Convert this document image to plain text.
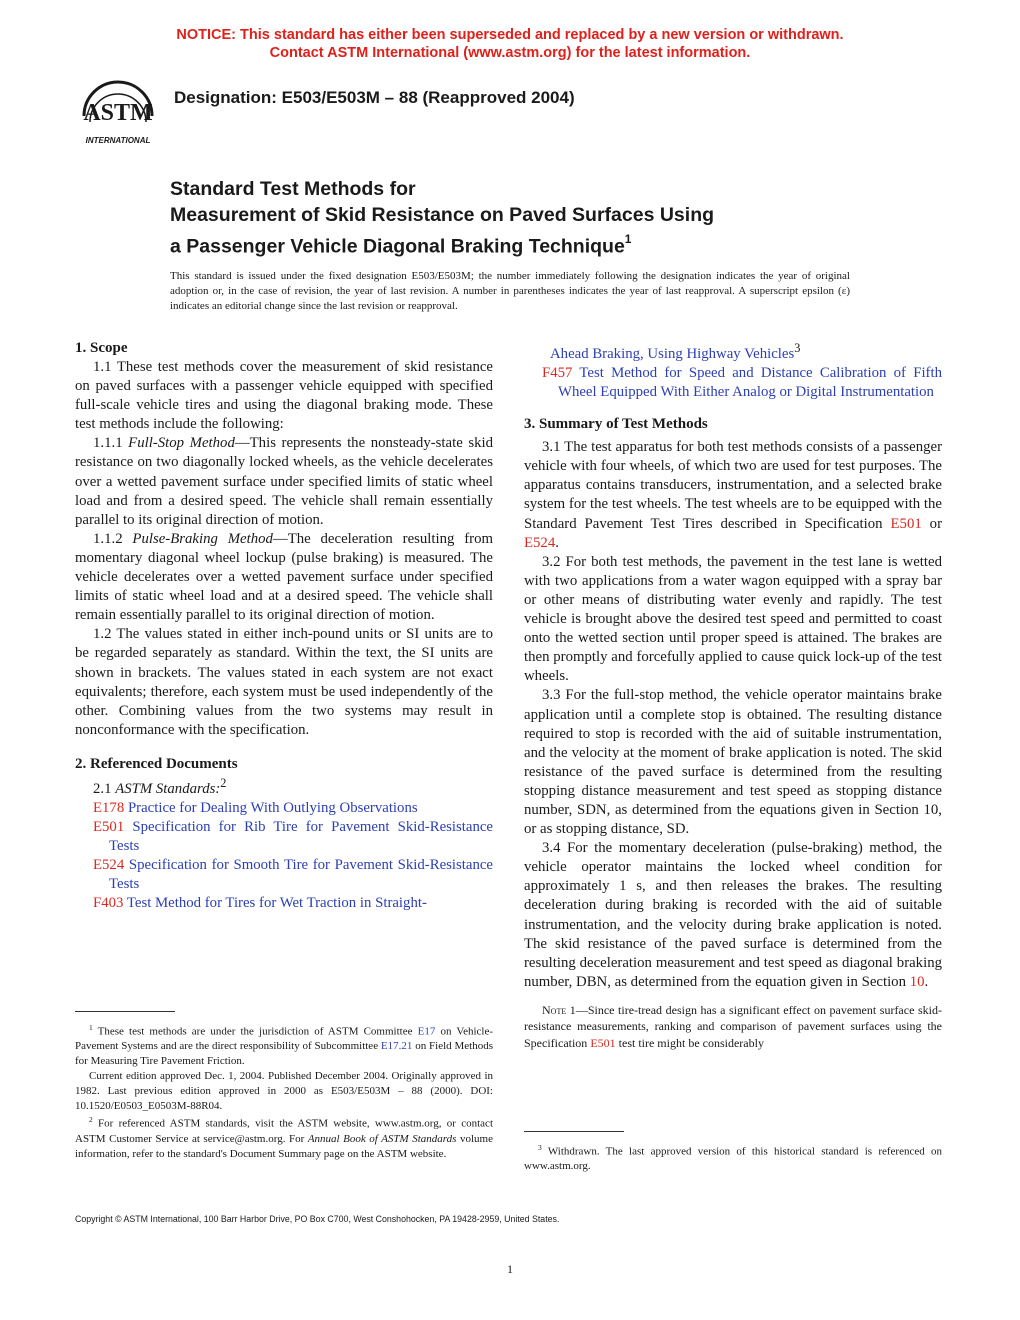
NOTICE: This standard has either been superseded and replaced by a new version or withdrawn.
Contact ASTM International (www.astm.org) for the latest information.
ASTM
INTERNATIONAL
Designation: E503/E503M – 88 (Reapproved 2004)
Standard Test Methods for
Measurement of Skid Resistance on Paved Surfaces Using
a Passenger Vehicle Diagonal Braking Technique$^1$
This standard is issued under the fixed designation E503/E503M; the number immediately following the designation indicates the year of original adoption or, in the case of revision, the year of last revision. A number in parentheses indicates the year of last reapproval. A superscript epsilon (ε) indicates an editorial change since the last revision or reapproval.
1. Scope

1.1 These test methods cover the measurement of skid resistance on paved surfaces with a passenger vehicle equipped with specified full-scale vehicle tires and using the diagonal braking mode. These test methods include the following:

1.1.1 Full-Stop Method—This represents the nonsteady-state skid resistance on two diagonally locked wheels, as the vehicle decelerates over a wetted pavement surface under specified limits of static wheel load and from a desired speed. The vehicle shall remain essentially parallel to its original direction of motion.

1.1.2 Pulse-Braking Method—The deceleration resulting from momentary diagonal wheel lockup (pulse braking) is measured. The vehicle decelerates over a wetted pavement surface under specified limits of static wheel load and at a desired speed. The vehicle shall remain essentially parallel to its original direction of motion.

1.2 The values stated in either inch-pound units or SI units are to be regarded separately as standard. Within the text, the SI units are shown in brackets. The values stated in each system are not exact equivalents; therefore, each system must be used independently of the other. Combining values from the two systems may result in nonconformance with the specification.

2. Referenced Documents

2.1 ASTM Standards:$^2$

E178 Practice for Dealing With Outlying Observations

E501 Specification for Rib Tire for Pavement Skid-Resistance Tests

E524 Specification for Smooth Tire for Pavement Skid-Resistance Tests

F403 Test Method for Tires for Wet Traction in Straight-

Ahead Braking, Using Highway Vehicles$^3$

F457 Test Method for Speed and Distance Calibration of Fifth Wheel Equipped With Either Analog or Digital Instrumentation

3. Summary of Test Methods

3.1 The test apparatus for both test methods consists of a passenger vehicle with four wheels, of which two are used for test purposes. The apparatus contains transducers, instrumentation, and a selected brake system for the test wheels. The test wheels are to be equipped with the Standard Pavement Test Tires described in Specification E501 or E524.

3.2 For both test methods, the pavement in the test lane is wetted with two applications from a water wagon equipped with a spray bar or other means of distributing water evenly and rapidly. The test vehicle is brought above the desired test speed and permitted to coast onto the wetted section until proper speed is attained. The brakes are then promptly and forcefully applied to cause quick lock-up of the test wheels.

3.3 For the full-stop method, the vehicle operator maintains brake application until a complete stop is obtained. The resulting distance required to stop is recorded with the aid of suitable instrumentation, and the velocity at the moment of brake application is noted. The skid resistance of the paved surface is determined from the resulting stopping distance measurement and test speed as stopping distance number, SDN, as determined from the equations given in Section 10, or as stopping distance, SD.

3.4 For the momentary deceleration (pulse-braking) method, the vehicle operator maintains the locked wheel condition for approximately 1 s, and then releases the brakes. The resulting deceleration during braking is recorded with the aid of suitable instrumentation, and the velocity during brake application is noted. The skid resistance of the paved surface is determined from the resulting deceleration measurement and test speed as diagonal braking number, DBN, as determined from the equation given in Section 10.

Note 1—Since tire-tread design has a significant effect on pavement surface skid-resistance measurements, ranking and comparison of pavement surfaces using the Specification E501 test tire might be considerably

$^1$ These test methods are under the jurisdiction of ASTM Committee E17 on Vehicle-Pavement Systems and are the direct responsibility of Subcommittee E17.21 on Field Methods for Measuring Tire Pavement Friction.

Current edition approved Dec. 1, 2004. Published December 2004. Originally approved in 1982. Last previous edition approved in 2000 as E503/E503M – 88 (2000). DOI: 10.1520/E0503_E0503M-88R04.

$^2$ For referenced ASTM standards, visit the ASTM website, www.astm.org, or contact ASTM Customer Service at service@astm.org. For Annual Book of ASTM Standards volume information, refer to the standard's Document Summary page on the ASTM website.

$^3$ Withdrawn. The last approved version of this historical standard is referenced on www.astm.org.

Copyright © ASTM International, 100 Barr Harbor Drive, PO Box C700, West Conshohocken, PA 19428-2959, United States.
1
